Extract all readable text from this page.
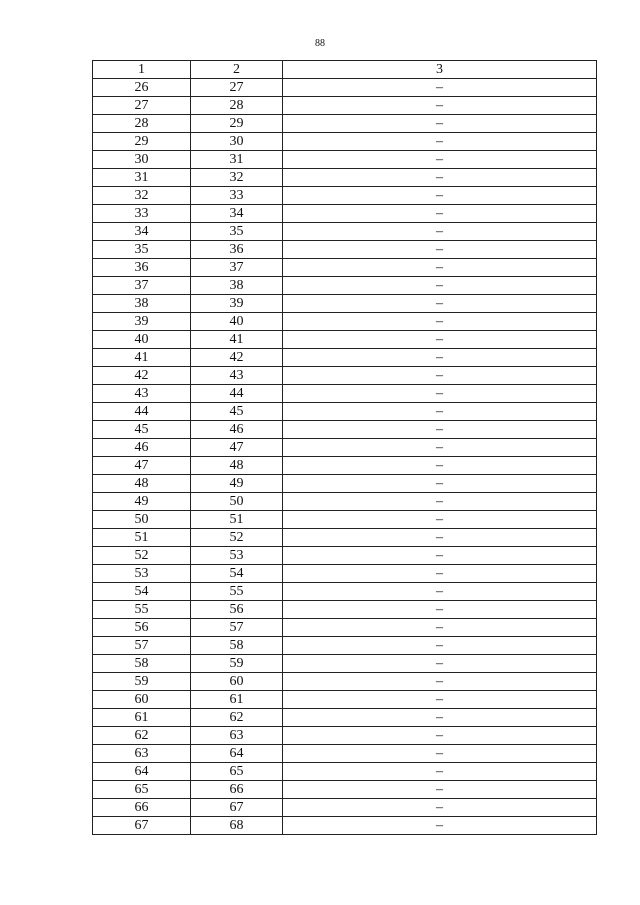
88
1	2	3
26	27	–
27	28	–
28	29	–
29	30	–
30	31	–
31	32	–
32	33	–
33	34	–
34	35	–
35	36	–
36	37	–
37	38	–
38	39	–
39	40	–
40	41	–
41	42	–
42	43	–
43	44	–
44	45	–
45	46	–
46	47	–
47	48	–
48	49	–
49	50	–
50	51	–
51	52	–
52	53	–
53	54	–
54	55	–
55	56	–
56	57	–
57	58	–
58	59	–
59	60	–
60	61	–
61	62	–
62	63	–
63	64	–
64	65	–
65	66	–
66	67	–
67	68	–
